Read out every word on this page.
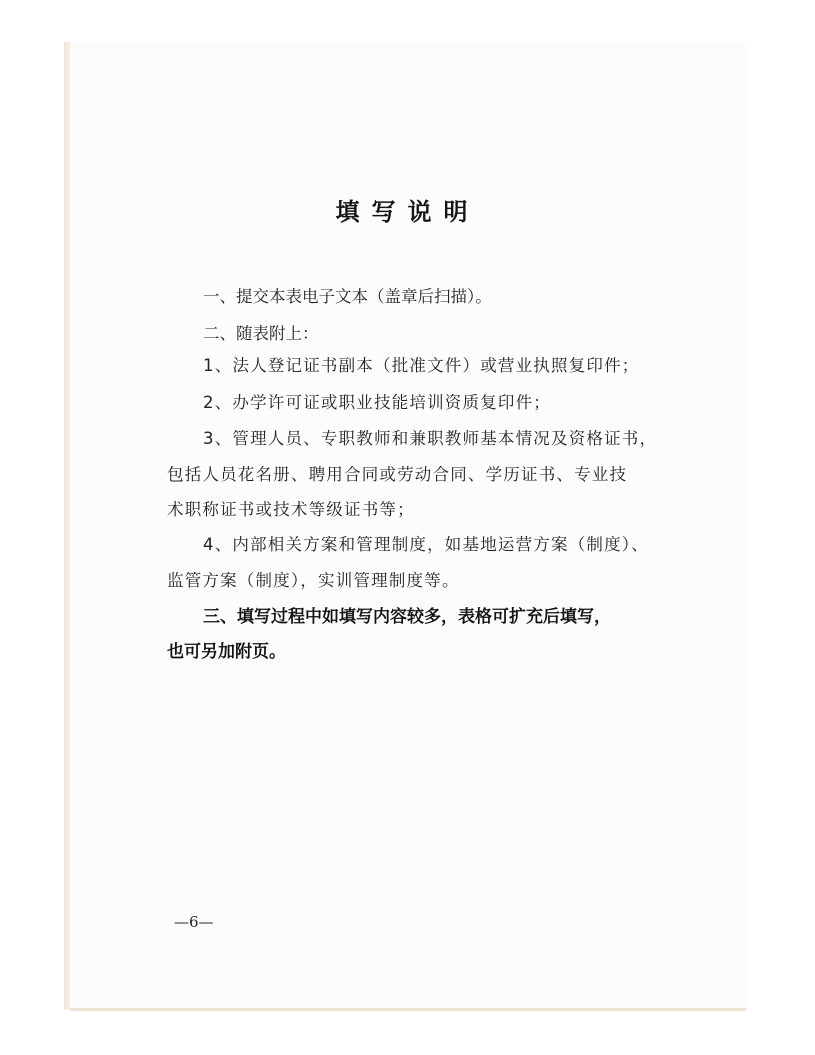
填写说明
一、提交本表电子文本（盖章后扫描）。
二、随表附上：
1、法人登记证书副本（批准文件）或营业执照复印件；
2、办学许可证或职业技能培训资质复印件；
3、管理人员、专职教师和兼职教师基本情况及资格证书，
包括人员花名册、聘用合同或劳动合同、学历证书、专业技
术职称证书或技术等级证书等；
4、内部相关方案和管理制度，如基地运营方案（制度）、
监管方案（制度），实训管理制度等。
三、填写过程中如填写内容较多，表格可扩充后填写，
也可另加附页。
—6—
